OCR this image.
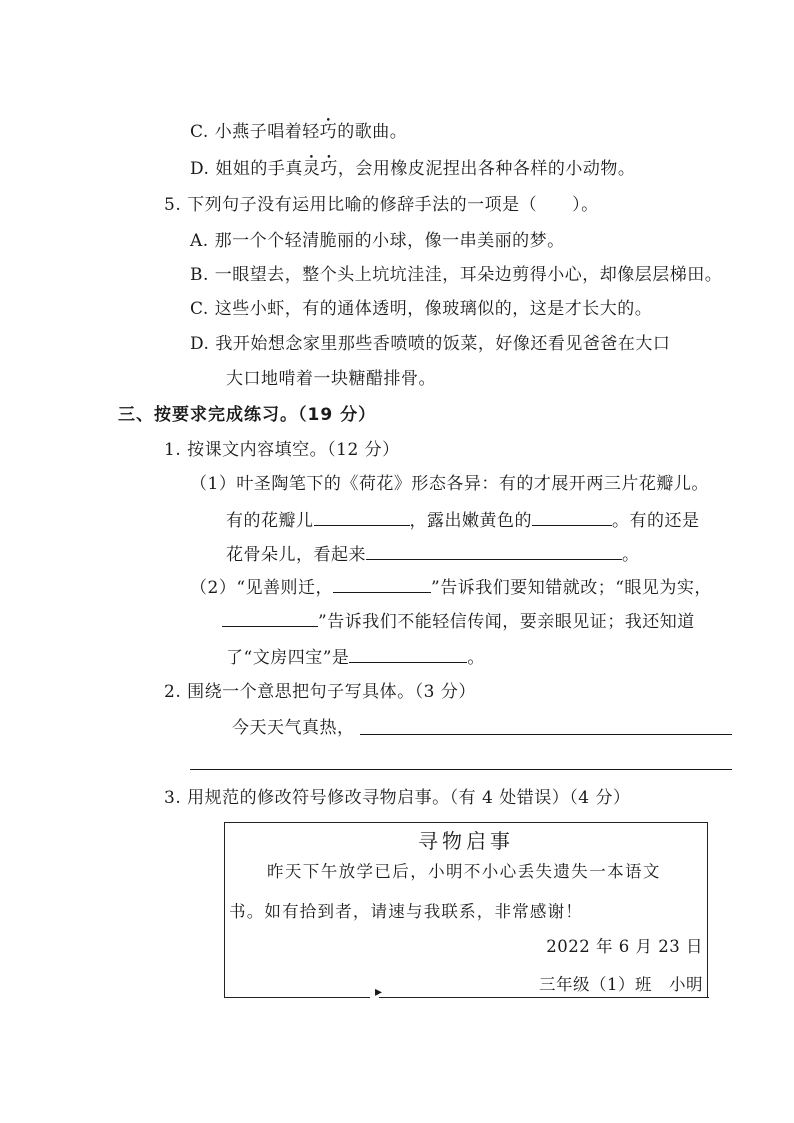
C. 小燕子唱着轻巧的歌曲。
D. 姐姐的手真灵巧，会用橡皮泥捏出各种各样的小动物。
5. 下列句子没有运用比喻的修辞手法的一项是（　　）。
A. 那一个个轻清脆丽的小球，像一串美丽的梦。
B. 一眼望去，整个头上坑坑洼洼，耳朵边剪得小心，却像层层梯田。
C. 这些小虾，有的通体透明，像玻璃似的，这是才长大的。
D. 我开始想念家里那些香喷喷的饭菜，好像还看见爸爸在大口
大口地啃着一块糖醋排骨。
三、按要求完成练习。（19 分）
1. 按课文内容填空。（12 分）
（1）叶圣陶笔下的《荷花》形态各异：有的才展开两三片花瓣儿。
有的花瓣儿	，露出嫩黄色的	。有的还是
花骨朵儿，看起来	。
（2）“见善则迁，	”告诉我们要知错就改；“眼见为实，
”告诉我们不能轻信传闻，要亲眼见证；我还知道
了“文房四宝”是	。
2. 围绕一个意思把句子写具体。（3 分）
今天天气真热，
3. 用规范的修改符号修改寻物启事。（有 4 处错误）（4 分）
寻物启事
昨天下午放学已后，小明不小心丢失遗失一本语文
书。如有拾到者，请速与我联系，非常感谢！
2022 年 6 月 23 日
三年级（1）班　小明
▸
